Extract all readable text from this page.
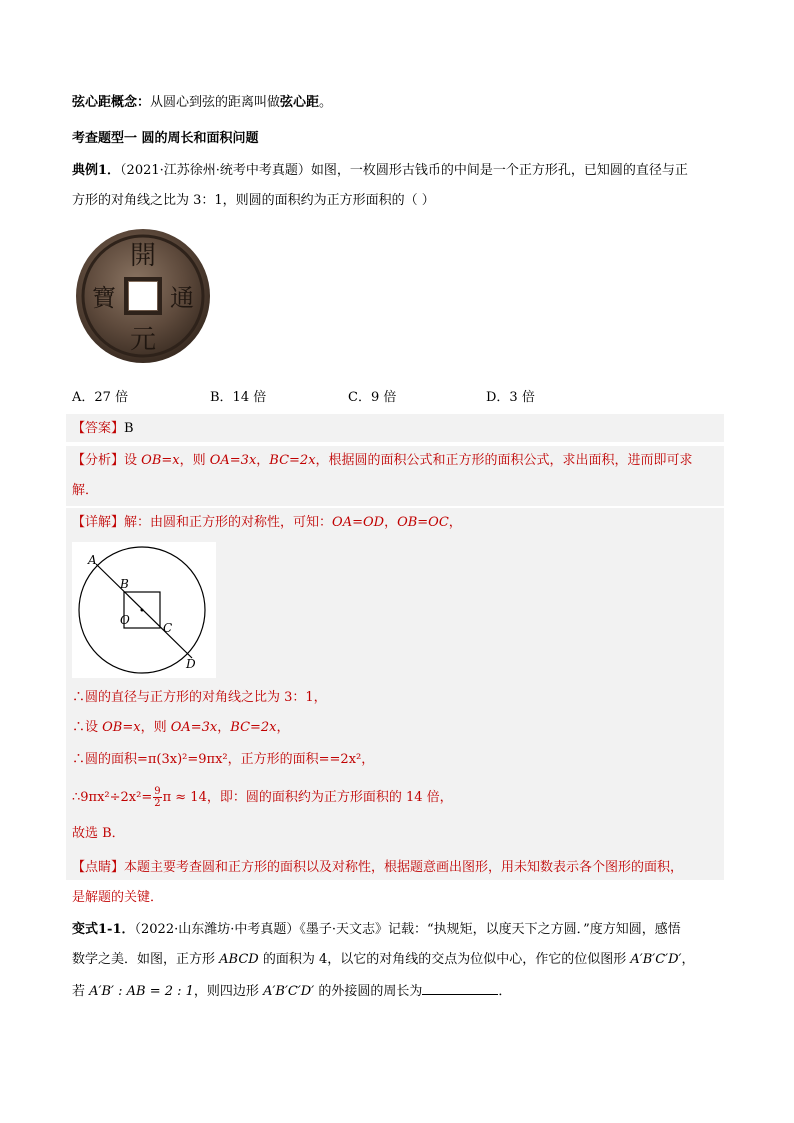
弦心距概念：从圆心到弦的距离叫做弦心距。
考查题型一 圆的周长和面积问题
典例1．（2021·江苏徐州·统考中考真题）如图，一枚圆形古钱币的中间是一个正方形孔，已知圆的直径与正
方形的对角线之比为 3：1，则圆的面积约为正方形面积的（ ）
開
通
元
寶
A．27 倍	B．14 倍	C．9 倍	D．3 倍
【答案】B
【分析】设 OB=x，则 OA=3x，BC=2x，根据圆的面积公式和正方形的面积公式，求出面积，进而即可求
解．
【详解】解：由圆和正方形的对称性，可知：OA=OD，OB=OC，
A
B
O
C
D
∴圆的直径与正方形的对角线之比为 3：1，
∴设 OB=x，则 OA=3x，BC=2x，
∴圆的面积=π(3x)²=9πx²，正方形的面积==2x²，
∴9πx²÷2x²= $\frac{9}{2}$ π ≈ 14，即：圆的面积约为正方形面积的 14 倍，
故选 B．
【点睛】本题主要考查圆和正方形的面积以及对称性，根据题意画出图形，用未知数表示各个图形的面积，
是解题的关键．
变式1-1．（2022·山东潍坊·中考真题）《墨子·天文志》记载：“执规矩，以度天下之方圆．”度方知圆，感悟
数学之美．如图，正方形 ABCD 的面积为 4，以它的对角线的交点为位似中心，作它的位似图形 A′B′C′D′，
若 A′B′ : AB = 2 : 1，则四边形 A′B′C′D′ 的外接圆的周长为	．
